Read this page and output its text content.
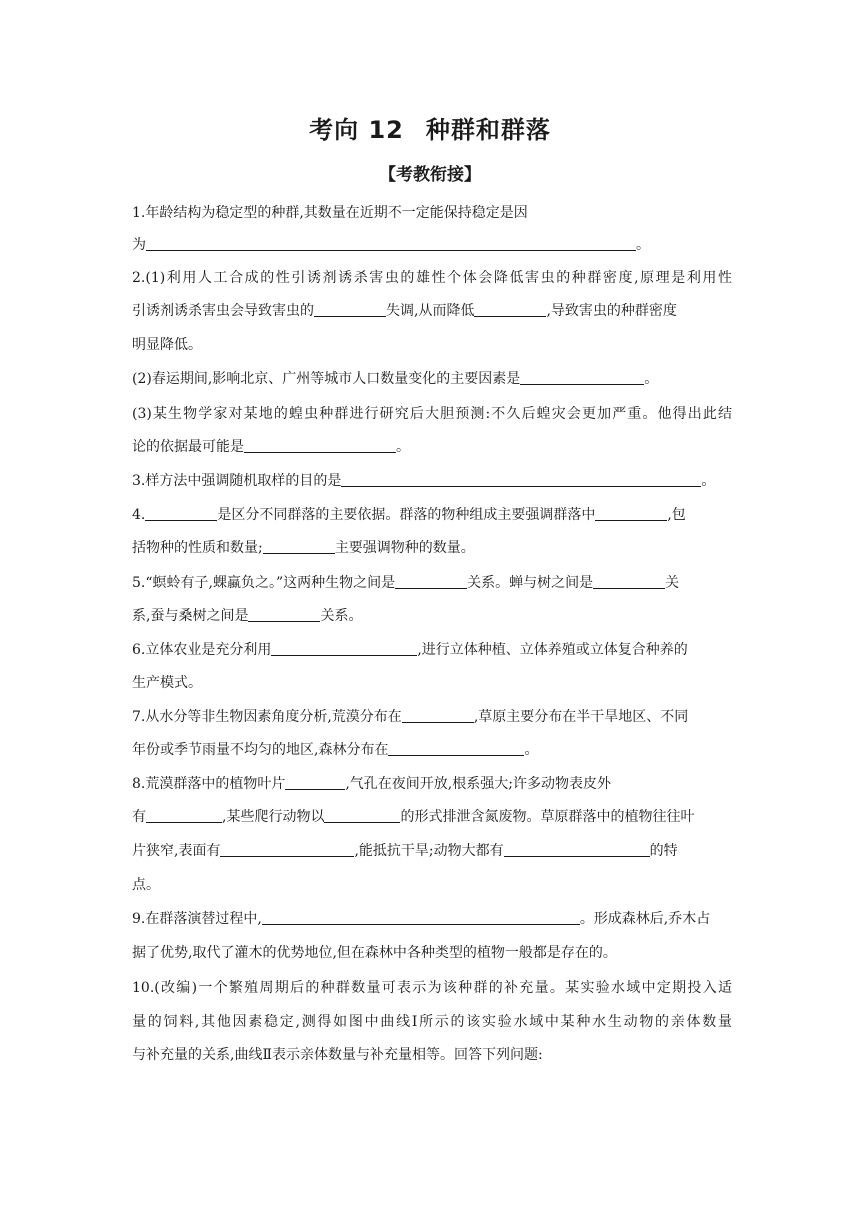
考向 12 种群和群落
【考教衔接】
1.年龄结构为稳定型的种群,其数量在近期不一定能保持稳定是因
为	。
2.(1)利用人工合成的性引诱剂诱杀害虫的雄性个体会降低害虫的种群密度,原理是利用性
引诱剂诱杀害虫会导致害虫的	失调,从而降低	,导致害虫的种群密度
明显降低。
(2)春运期间,影响北京、广州等城市人口数量变化的主要因素是	。
(3)某生物学家对某地的蝗虫种群进行研究后大胆预测:不久后蝗灾会更加严重。他得出此结
论的依据最可能是	。
3.样方法中强调随机取样的目的是	。
4.	是区分不同群落的主要依据。群落的物种组成主要强调群落中	,包
括物种的性质和数量;	主要强调物种的数量。
5.“螟蛉有子,蜾蠃负之。”这两种生物之间是	关系。蝉与树之间是	关
系,蚕与桑树之间是	关系。
6.立体农业是充分利用	,进行立体种植、立体养殖或立体复合种养的
生产模式。
7.从水分等非生物因素角度分析,荒漠分布在	,草原主要分布在半干旱地区、不同
年份或季节雨量不均匀的地区,森林分布在	。
8.荒漠群落中的植物叶片	,气孔在夜间开放,根系强大;许多动物表皮外
有	,某些爬行动物以	的形式排泄含氮废物。草原群落中的植物往往叶
片狭窄,表面有	,能抵抗干旱;动物大都有	的特
点。
9.在群落演替过程中,	。形成森林后,乔木占
据了优势,取代了灌木的优势地位,但在森林中各种类型的植物一般都是存在的。
10.(改编)一个繁殖周期后的种群数量可表示为该种群的补充量。某实验水域中定期投入适
量的饲料,其他因素稳定,测得如图中曲线Ⅰ所示的该实验水域中某种水生动物的亲体数量
与补充量的关系,曲线Ⅱ表示亲体数量与补充量相等。回答下列问题:
